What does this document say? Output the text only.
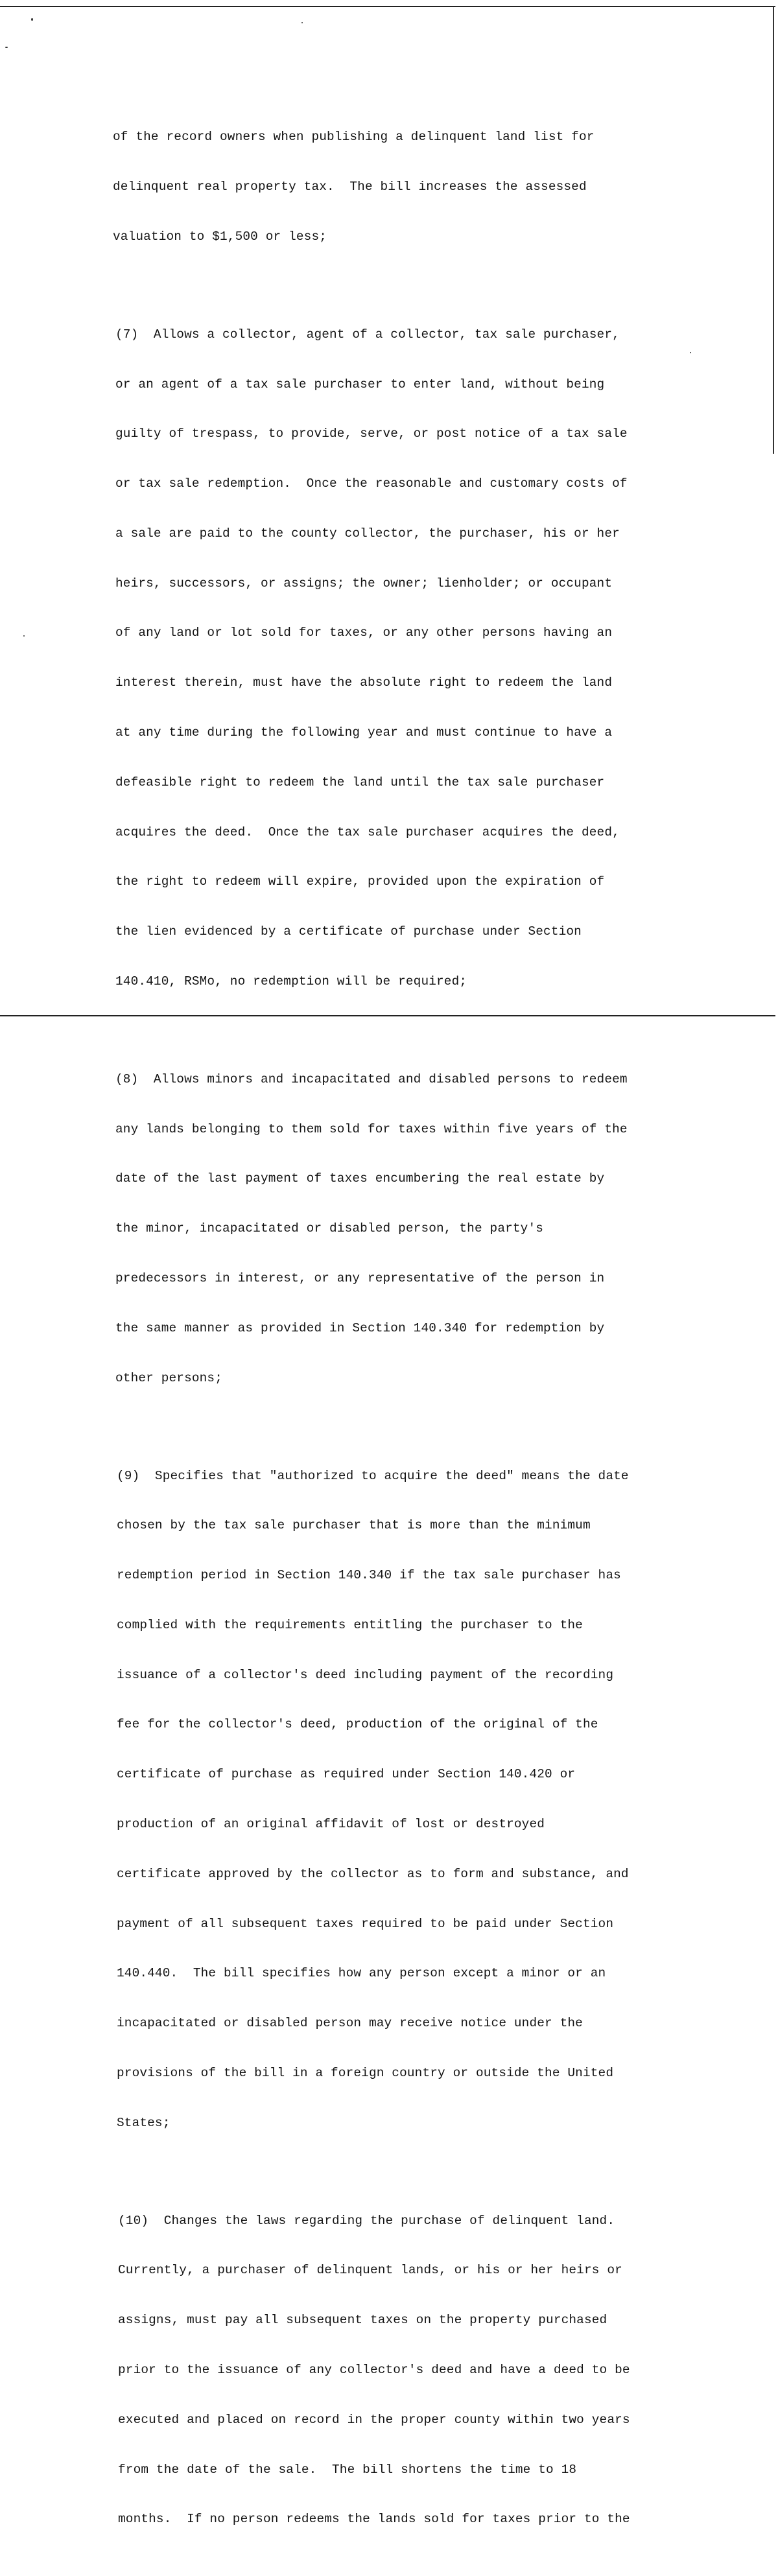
of the record owners when publishing a delinquent land list for

delinquent real property tax.  The bill increases the assessed

valuation to $1,500 or less;

(7)  Allows a collector, agent of a collector, tax sale purchaser,

or an agent of a tax sale purchaser to enter land, without being

guilty of trespass, to provide, serve, or post notice of a tax sale

or tax sale redemption.  Once the reasonable and customary costs of

a sale are paid to the county collector, the purchaser, his or her

heirs, successors, or assigns; the owner; lienholder; or occupant

of any land or lot sold for taxes, or any other persons having an

interest therein, must have the absolute right to redeem the land

at any time during the following year and must continue to have a

defeasible right to redeem the land until the tax sale purchaser

acquires the deed.  Once the tax sale purchaser acquires the deed,

the right to redeem will expire, provided upon the expiration of

the lien evidenced by a certificate of purchase under Section

140.410, RSMo, no redemption will be required;

(8)  Allows minors and incapacitated and disabled persons to redeem

any lands belonging to them sold for taxes within five years of the

date of the last payment of taxes encumbering the real estate by

the minor, incapacitated or disabled person, the party's

predecessors in interest, or any representative of the person in

the same manner as provided in Section 140.340 for redemption by

other persons;

(9)  Specifies that "authorized to acquire the deed" means the date

chosen by the tax sale purchaser that is more than the minimum

redemption period in Section 140.340 if the tax sale purchaser has

complied with the requirements entitling the purchaser to the

issuance of a collector's deed including payment of the recording

fee for the collector's deed, production of the original of the

certificate of purchase as required under Section 140.420 or

production of an original affidavit of lost or destroyed

certificate approved by the collector as to form and substance, and

payment of all subsequent taxes required to be paid under Section

140.440.  The bill specifies how any person except a minor or an

incapacitated or disabled person may receive notice under the

provisions of the bill in a foreign country or outside the United

States;

(10)  Changes the laws regarding the purchase of delinquent land.

Currently, a purchaser of delinquent lands, or his or her heirs or

assigns, must pay all subsequent taxes on the property purchased

prior to the issuance of any collector's deed and have a deed to be

executed and placed on record in the proper county within two years

from the date of the sale.  The bill shortens the time to 18

months.  If no person redeems the lands sold for taxes prior to the
